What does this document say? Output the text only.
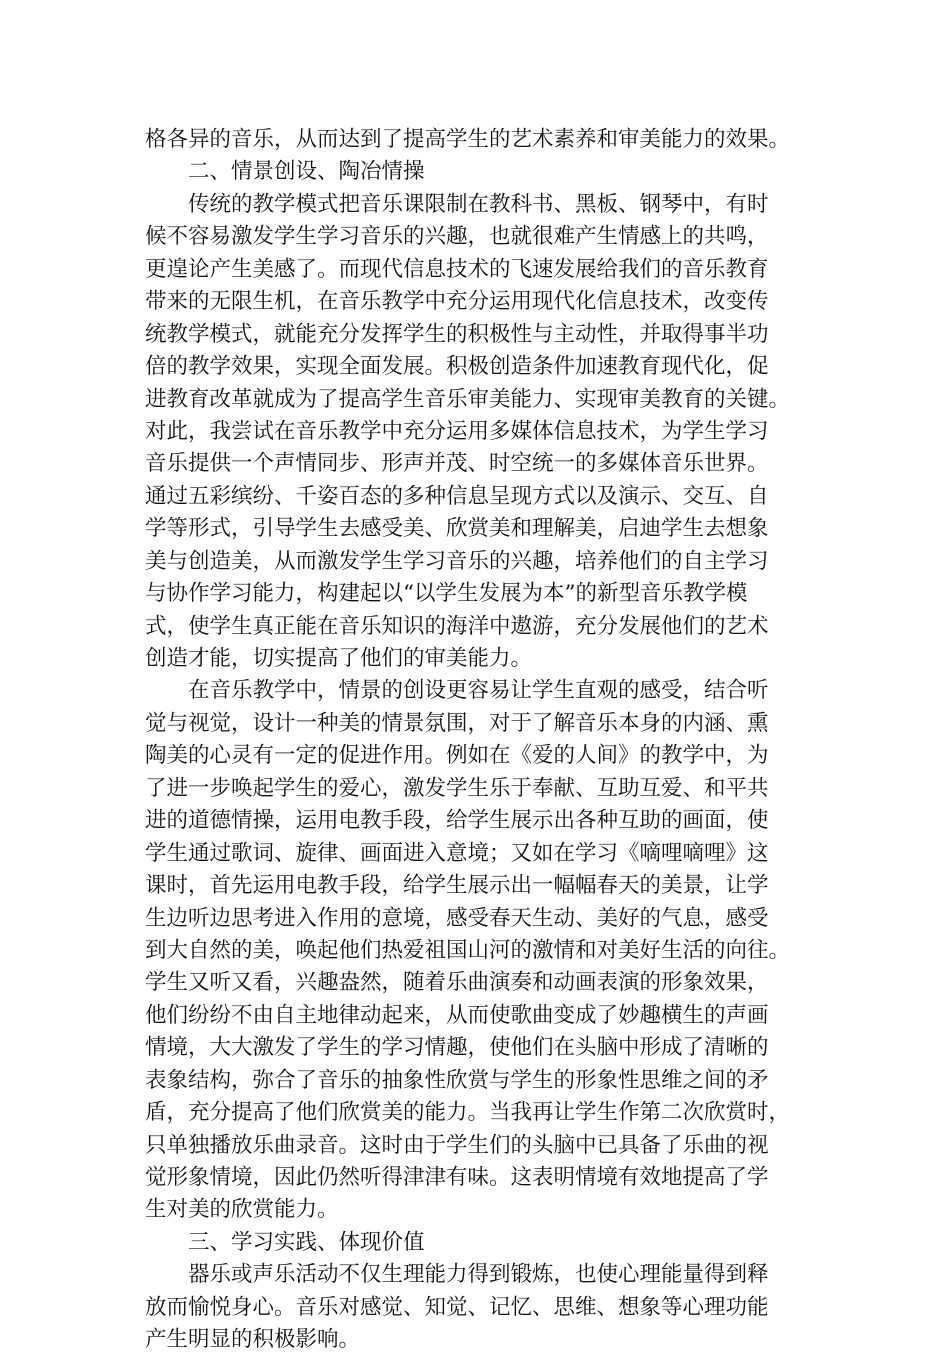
格各异的音乐，从而达到了提高学生的艺术素养和审美能力的效果。
二、情景创设、陶冶情操
传统的教学模式把音乐课限制在教科书、黑板、钢琴中，有时
候不容易激发学生学习音乐的兴趣，也就很难产生情感上的共鸣，
更遑论产生美感了。而现代信息技术的飞速发展给我们的音乐教育
带来的无限生机，在音乐教学中充分运用现代化信息技术，改变传
统教学模式，就能充分发挥学生的积极性与主动性，并取得事半功
倍的教学效果，实现全面发展。积极创造条件加速教育现代化，促
进教育改革就成为了提高学生音乐审美能力、实现审美教育的关键。
对此，我尝试在音乐教学中充分运用多媒体信息技术，为学生学习
音乐提供一个声情同步、形声并茂、时空统一的多媒体音乐世界。
通过五彩缤纷、千姿百态的多种信息呈现方式以及演示、交互、自
学等形式，引导学生去感受美、欣赏美和理解美，启迪学生去想象
美与创造美，从而激发学生学习音乐的兴趣，培养他们的自主学习
与协作学习能力，构建起以“以学生发展为本”的新型音乐教学模
式，使学生真正能在音乐知识的海洋中遨游，充分发展他们的艺术
创造才能，切实提高了他们的审美能力。
在音乐教学中，情景的创设更容易让学生直观的感受，结合听
觉与视觉，设计一种美的情景氛围，对于了解音乐本身的内涵、熏
陶美的心灵有一定的促进作用。例如在《爱的人间》的教学中，为
了进一步唤起学生的爱心，激发学生乐于奉献、互助互爱、和平共
进的道德情操，运用电教手段，给学生展示出各种互助的画面，使
学生通过歌词、旋律、画面进入意境；又如在学习《嘀哩嘀哩》这
课时，首先运用电教手段，给学生展示出一幅幅春天的美景，让学
生边听边思考进入作用的意境，感受春天生动、美好的气息，感受
到大自然的美，唤起他们热爱祖国山河的激情和对美好生活的向往。
学生又听又看，兴趣盎然，随着乐曲演奏和动画表演的形象效果，
他们纷纷不由自主地律动起来，从而使歌曲变成了妙趣横生的声画
情境，大大激发了学生的学习情趣，使他们在头脑中形成了清晰的
表象结构，弥合了音乐的抽象性欣赏与学生的形象性思维之间的矛
盾，充分提高了他们欣赏美的能力。当我再让学生作第二次欣赏时，
只单独播放乐曲录音。这时由于学生们的头脑中已具备了乐曲的视
觉形象情境，因此仍然听得津津有味。这表明情境有效地提高了学
生对美的欣赏能力。
三、学习实践、体现价值
器乐或声乐活动不仅生理能力得到锻炼，也使心理能量得到释
放而愉悦身心。音乐对感觉、知觉、记忆、思维、想象等心理功能
产生明显的积极影响。
